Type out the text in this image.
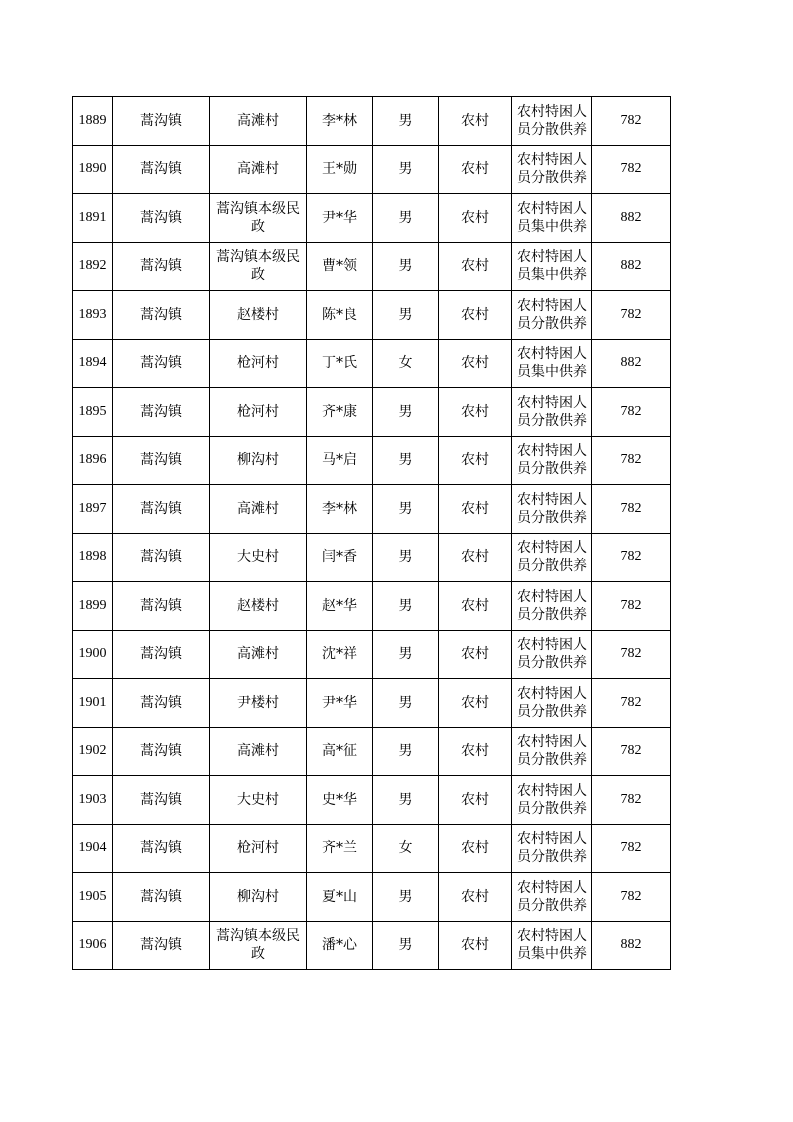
1889	蒿沟镇	高滩村	李*林	男	农村	农村特困人员分散供养	782
1890	蒿沟镇	高滩村	王*勋	男	农村	农村特困人员分散供养	782
1891	蒿沟镇	蒿沟镇本级民政	尹*华	男	农村	农村特困人员集中供养	882
1892	蒿沟镇	蒿沟镇本级民政	曹*领	男	农村	农村特困人员集中供养	882
1893	蒿沟镇	赵楼村	陈*良	男	农村	农村特困人员分散供养	782
1894	蒿沟镇	枪河村	丁*氏	女	农村	农村特困人员集中供养	882
1895	蒿沟镇	枪河村	齐*康	男	农村	农村特困人员分散供养	782
1896	蒿沟镇	柳沟村	马*启	男	农村	农村特困人员分散供养	782
1897	蒿沟镇	高滩村	李*林	男	农村	农村特困人员分散供养	782
1898	蒿沟镇	大史村	闫*香	男	农村	农村特困人员分散供养	782
1899	蒿沟镇	赵楼村	赵*华	男	农村	农村特困人员分散供养	782
1900	蒿沟镇	高滩村	沈*祥	男	农村	农村特困人员分散供养	782
1901	蒿沟镇	尹楼村	尹*华	男	农村	农村特困人员分散供养	782
1902	蒿沟镇	高滩村	高*征	男	农村	农村特困人员分散供养	782
1903	蒿沟镇	大史村	史*华	男	农村	农村特困人员分散供养	782
1904	蒿沟镇	枪河村	齐*兰	女	农村	农村特困人员分散供养	782
1905	蒿沟镇	柳沟村	夏*山	男	农村	农村特困人员分散供养	782
1906	蒿沟镇	蒿沟镇本级民政	潘*心	男	农村	农村特困人员集中供养	882
